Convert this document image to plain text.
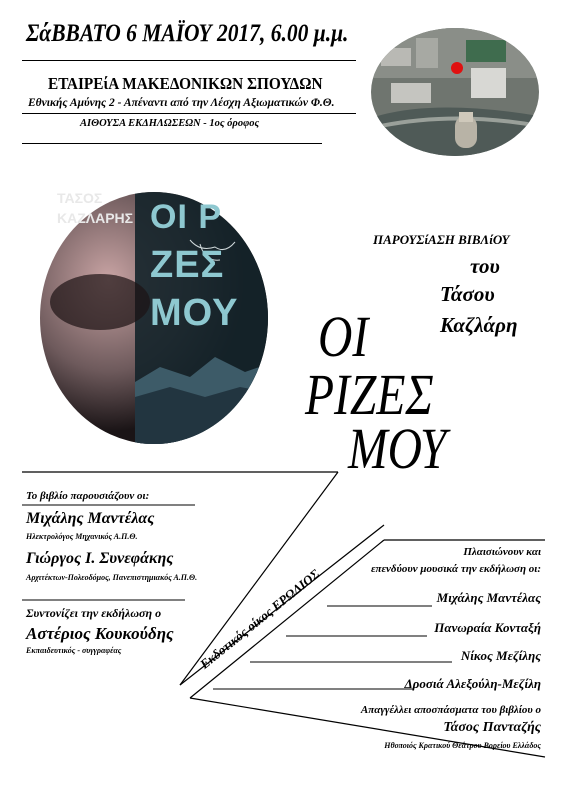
ΣάΒΒΑΤΟ 6 ΜΑΪΟΥ 2017, 6.00 μ.μ.
ΕΤΑΙΡΕίΑ ΜΑΚΕΔΟΝΙΚΩΝ ΣΠΟΥΔΩΝ
Εθνικής Αμύνης 2 - Απέναντι από την Λέσχη Αξιωματικών Φ.Θ.
ΑΙΘΟΥΣΑ ΕΚΔΗΛΩΣΕΩΝ - 1ος όροφος
ΤΑΣΟΣ
ΚΑΖΛΑΡΗΣ ΟΙ Ρ
ΖΕΣ
ΜΟΥ
ΠΑΡΟΥΣίΑΣΗ ΒΙΒΛίΟΥ
του
Τάσου
Καζλάρη
ΟΙ
ΡΙΖΕΣ
ΜΟΥ
Το βιβλίο παρουσιάζουν οι:
Μιχάλης Μαντέλας
Ηλεκτρολόγος Μηχανικός Α.Π.Θ.
Γιώργος Ι. Συνεφάκης
Αρχιτέκτων-Πολεοδόμος, Πανεπιστημιακός Α.Π.Θ.
Συντονίζει την εκδήλωση ο
Αστέριος Κουκούδης
Εκπαιδευτικός - συγγραφέας	Εκδοτικός οίκος ΕΡΩΔΙΟΣ
Πλαισιώνουν και
επενδύουν μουσικά την εκδήλωση οι:
Μιχάλης Μαντέλας
Πανωραία Κονταξή
Νίκος Μεζίλης
Δροσιά Αλεξούλη-Μεζίλη
Απαγγέλλει αποσπάσματα του βιβλίου ο
Τάσος Πανταζής
Ηθοποιός Κρατικού Θεάτρου Βορείου Ελλάδος
